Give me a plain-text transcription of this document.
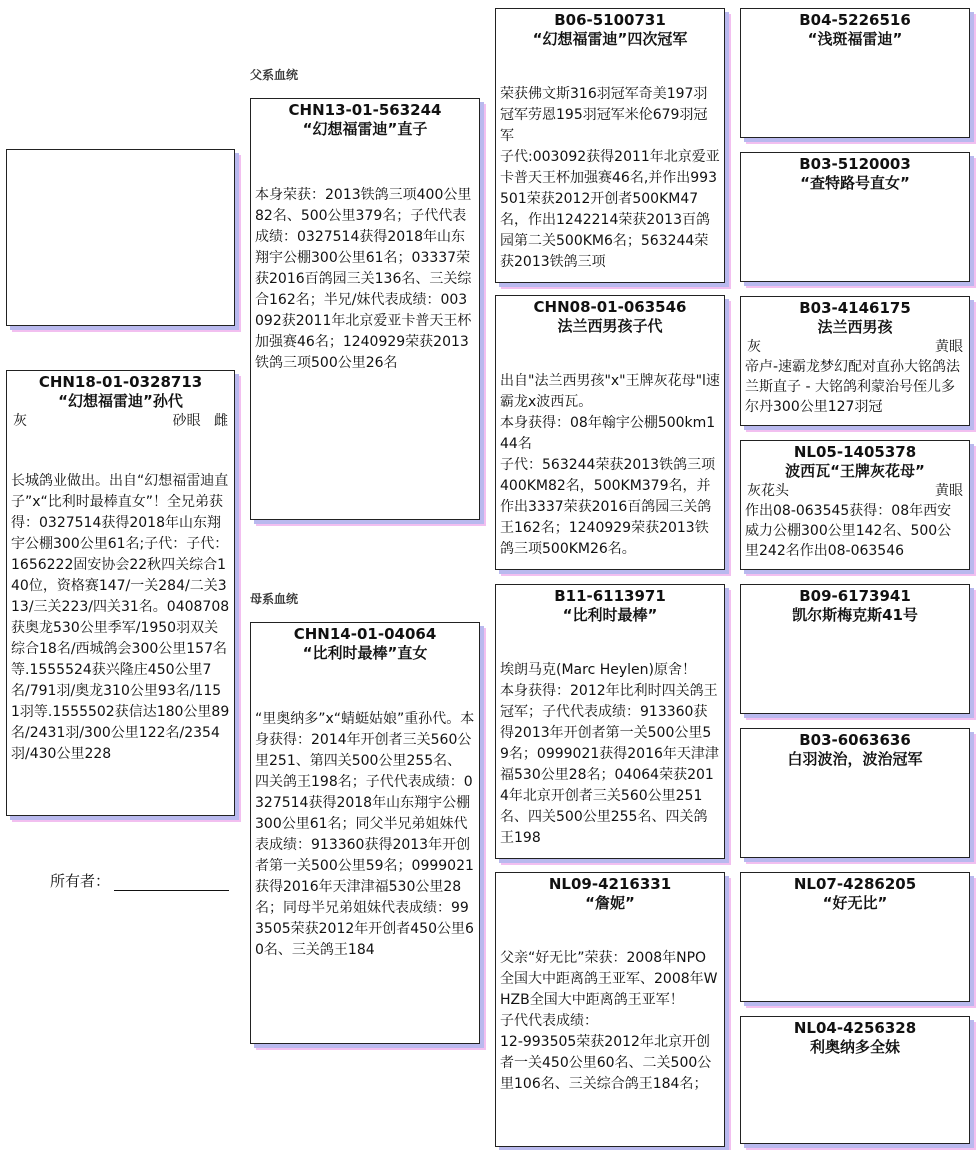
父系血统
母系血统
CHN18-01-0328713
“幻想福雷迪”孙代
灰	砂眼 雌
长城鸽业做出。出自“幻想福雷迪直子”x“比利时最棒直女”！全兄弟获得：0327514获得2018年山东翔宇公棚300公里61名;子代：子代：1656222固安协会22秋四关综合140位，资格赛147/一关284/二关313/三关223/四关31名。0408708获奥龙530公里季军/1950羽双关综合18名/西城鸽会300公里157名等.1555524获兴隆庄450公里7名/791羽/奥龙310公里93名/1151羽等.1555502获信达180公里89名/2431羽/300公里122名/2354羽/430公里228
所有者：
CHN13-01-563244
“幻想福雷迪”直子
本身荣获：2013铁鸽三项400公里82名、500公里379名；子代代表成绩：0327514获得2018年山东翔宇公棚300公里61名；03337荣获2016百鸽园三关136名、三关综合162名；半兄/妹代表成绩：003092获2011年北京爱亚卡普天王杯加强赛46名；1240929荣获2013铁鸽三项500公里26名
CHN14-01-04064
“比利时最棒”直女
“里奥纳多”x“蜻蜓姑娘”重孙代。本身获得：2014年开创者三关560公里251、第四关500公里255名、四关鸽王198名；子代代表成绩：0327514获得2018年山东翔宇公棚300公里61名；同父半兄弟姐妹代表成绩：913360获得2013年开创者第一关500公里59名；0999021获得2016年天津津福530公里28名；同母半兄弟姐妹代表成绩：993505荣获2012年开创者450公里60名、三关鸽王184
B06-5100731
“幻想福雷迪”四次冠军
荣获佛文斯316羽冠军奇美197羽冠军劳恩195羽冠军米伦679羽冠军
子代:003092获得2011年北京爱亚卡普天王杯加强赛46名,并作出993501荣获2012开创者500KM47名，作出1242214荣获2013百鸽园第二关500KM6名；563244荣获2013铁鸽三项
CHN08-01-063546
法兰西男孩子代
出自"法兰西男孩"x"王牌灰花母"l速霸龙x波西瓦。
本身获得：08年翰宇公棚500km144名
子代：563244荣获2013铁鸽三项400KM82名，500KM379名，并作出3337荣获2016百鸽园三关鸽王162名；1240929荣获2013铁鸽三项500KM26名。
B11-6113971
“比利时最棒”
埃朗马克(Marc Heylen)原舍！
本身获得：2012年比利时四关鸽王冠军；子代代表成绩：913360获得2013年开创者第一关500公里59名；0999021获得2016年天津津福530公里28名；04064荣获2014年北京开创者三关560公里251名、四关500公里255名、四关鸽王198
NL09-4216331
“詹妮”
父亲“好无比”荣获：2008年NPO全国大中距离鸽王亚军、2008年WHZB全国大中距离鸽王亚军！
子代代表成绩：
12-993505荣获2012年北京开创者一关450公里60名、二关500公里106名、三关综合鸽王184名；
B04-5226516
“浅斑福雷迪”
B03-5120003
“查特路号直女”
B03-4146175
法兰西男孩
灰	黄眼
帝卢-速霸龙梦幻配对直孙大铭鸽法兰斯直子 - 大铭鸽利蒙治号侄儿多尔丹300公里127羽冠
NL05-1405378
波西瓦“王牌灰花母”
灰花头	黄眼
作出08-063545获得：08年西安威力公棚300公里142名、500公里242名作出08-063546
B09-6173941
凯尔斯梅克斯41号
B03-6063636
白羽波治，波治冠军
NL07-4286205
“好无比”
NL04-4256328
利奥纳多全妹
